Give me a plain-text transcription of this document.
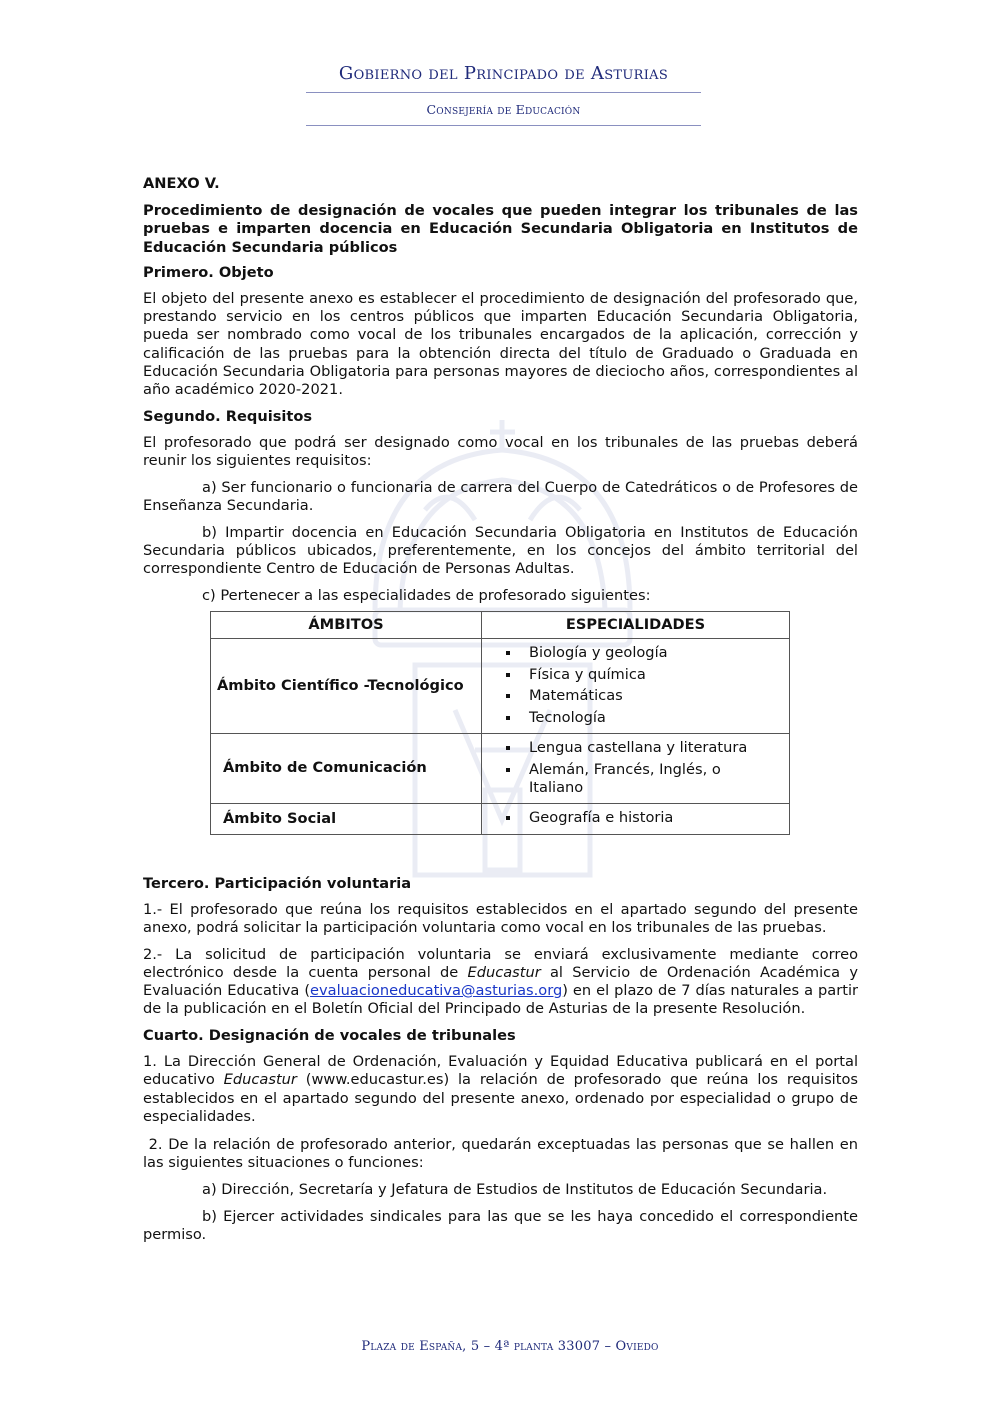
Gobierno del Principado de Asturias
Consejería de Educación

ANEXO V.

Procedimiento de designación de vocales que pueden integrar los tribunales de las pruebas e imparten docencia en Educación Secundaria Obligatoria en Institutos de Educación Secundaria públicos

Primero. Objeto

El objeto del presente anexo es establecer el procedimiento de designación del profesorado que, prestando servicio en los centros públicos que imparten Educación Secundaria Obligatoria, pueda ser nombrado como vocal de los tribunales encargados de la aplicación, corrección y calificación de las pruebas para la obtención directa del título de Graduado o Graduada en Educación Secundaria Obligatoria para personas mayores de dieciocho años, correspondientes al año académico 2020-2021.

Segundo. Requisitos

El profesorado que podrá ser designado como vocal en los tribunales de las pruebas deberá reunir los siguientes requisitos:

a) Ser funcionario o funcionaria de carrera del Cuerpo de Catedráticos o de Profesores de Enseñanza Secundaria.

b) Impartir docencia en Educación Secundaria Obligatoria en Institutos de Educación Secundaria públicos ubicados, preferentemente, en los concejos del ámbito territorial del correspondiente Centro de Educación de Personas Adultas.

c) Pertenecer a las especialidades de profesorado siguientes:

ÁMBITOS	ESPECIALIDADES
Ámbito Científico -Tecnológico	
Biología y geología
Física y química
Matemáticas
Tecnología

Ámbito de Comunicación	
Lengua castellana y literatura
Alemán, Francés, Inglés, o Italiano

Ámbito Social	Geografía e historia

Tercero. Participación voluntaria

1.- El profesorado que reúna los requisitos establecidos en el apartado segundo del presente anexo, podrá solicitar la participación voluntaria como vocal en los tribunales de las pruebas.

2.- La solicitud de participación voluntaria se enviará exclusivamente mediante correo electrónico desde la cuenta personal de Educastur al Servicio de Ordenación Académica y Evaluación Educativa (evaluacioneducativa@asturias.org) en el plazo de 7 días naturales a partir de la publicación en el Boletín Oficial del Principado de Asturias de la presente Resolución.

Cuarto. Designación de vocales de tribunales

1. La Dirección General de Ordenación, Evaluación y Equidad Educativa publicará en el portal educativo Educastur (www.educastur.es) la relación de profesorado que reúna los requisitos establecidos en el apartado segundo del presente anexo, ordenado por especialidad o grupo de especialidades.

2. De la relación de profesorado anterior, quedarán exceptuadas las personas que se hallen en las siguientes situaciones o funciones:

a) Dirección, Secretaría y Jefatura de Estudios de Institutos de Educación Secundaria.

b) Ejercer actividades sindicales para las que se les haya concedido el correspondiente permiso.

Plaza de España, 5 – 4ª planta 33007 – Oviedo
